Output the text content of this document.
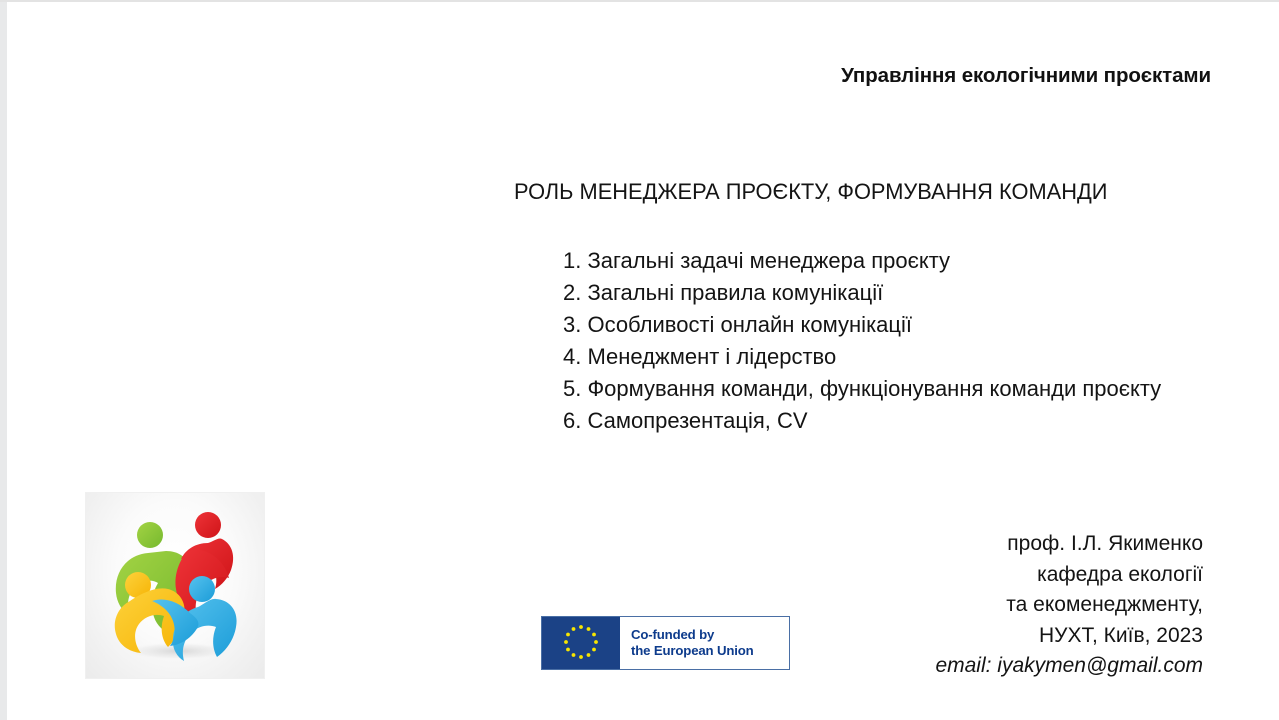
Управління екологічними проєктами
РОЛЬ МЕНЕДЖЕРА ПРОЄКТУ, ФОРМУВАННЯ КОМАНДИ
1. Загальні задачі менеджера проєкту
2. Загальні правила комунікації
3. Особливості онлайн комунікації
4. Менеджмент і лідерство
5. Формування команди, функціонування команди проєкту
6. Самопрезентація, CV
проф. І.Л. Якименко
кафедра екології
та екоменеджменту,
НУХТ, Київ, 2023
email: iyakymen@gmail.com
Co-funded by
the European Union
